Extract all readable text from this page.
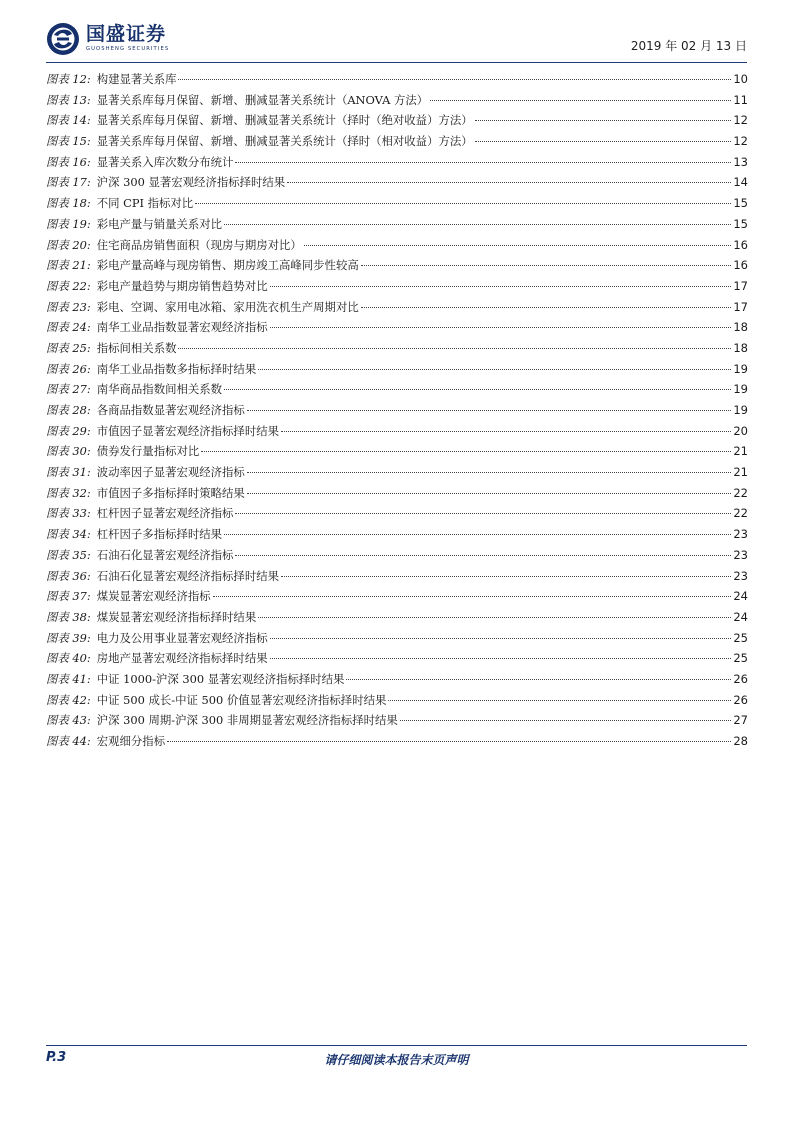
国盛证券
GUOSHENG SECURITIES	2019 年 02 月 13 日
图表 12: 构建显著关系库	10
图表 13: 显著关系库每月保留、新增、删减显著关系统计（ANOVA 方法）	11
图表 14: 显著关系库每月保留、新增、删减显著关系统计（择时（绝对收益）方法）	12
图表 15: 显著关系库每月保留、新增、删减显著关系统计（择时（相对收益）方法）	12
图表 16: 显著关系入库次数分布统计	13
图表 17: 沪深 300 显著宏观经济指标择时结果	14
图表 18: 不同 CPI 指标对比	15
图表 19: 彩电产量与销量关系对比	15
图表 20: 住宅商品房销售面积（现房与期房对比）	16
图表 21: 彩电产量高峰与现房销售、期房竣工高峰同步性较高	16
图表 22: 彩电产量趋势与期房销售趋势对比	17
图表 23: 彩电、空调、家用电冰箱、家用洗衣机生产周期对比	17
图表 24: 南华工业品指数显著宏观经济指标	18
图表 25: 指标间相关系数	18
图表 26: 南华工业品指数多指标择时结果	19
图表 27: 南华商品指数间相关系数	19
图表 28: 各商品指数显著宏观经济指标	19
图表 29: 市值因子显著宏观经济指标择时结果	20
图表 30: 债券发行量指标对比	21
图表 31: 波动率因子显著宏观经济指标	21
图表 32: 市值因子多指标择时策略结果	22
图表 33: 杠杆因子显著宏观经济指标	22
图表 34: 杠杆因子多指标择时结果	23
图表 35: 石油石化显著宏观经济指标	23
图表 36: 石油石化显著宏观经济指标择时结果	23
图表 37: 煤炭显著宏观经济指标	24
图表 38: 煤炭显著宏观经济指标择时结果	24
图表 39: 电力及公用事业显著宏观经济指标	25
图表 40: 房地产显著宏观经济指标择时结果	25
图表 41: 中证 1000-沪深 300 显著宏观经济指标择时结果	26
图表 42: 中证 500 成长-中证 500 价值显著宏观经济指标择时结果	26
图表 43: 沪深 300 周期-沪深 300 非周期显著宏观经济指标择时结果	27
图表 44: 宏观细分指标	28
P.3	请仔细阅读本报告末页声明
